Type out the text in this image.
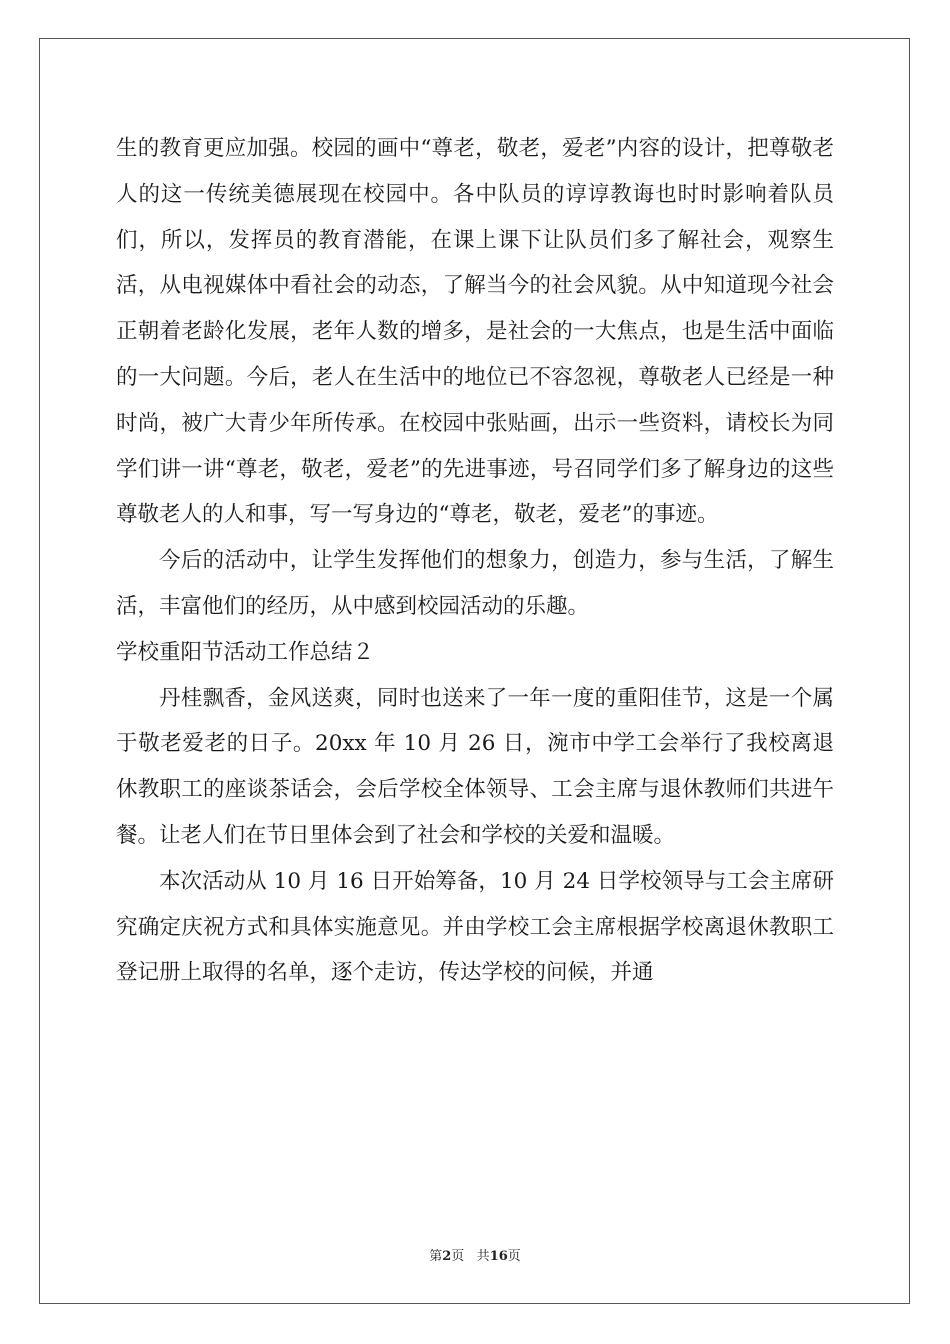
生的教育更应加强。校园的画中“尊老，敬老，爱老”内容的设计，把尊敬老人的这一传统美德展现在校园中。各中队员的谆谆教诲也时时影响着队员们，所以，发挥员的教育潜能，在课上课下让队员们多了解社会，观察生活，从电视媒体中看社会的动态，了解当今的社会风貌。从中知道现今社会正朝着老龄化发展，老年人数的增多，是社会的一大焦点，也是生活中面临的一大问题。今后，老人在生活中的地位已不容忽视，尊敬老人已经是一种时尚，被广大青少年所传承。在校园中张贴画，出示一些资料，请校长为同学们讲一讲“尊老，敬老，爱老”的先进事迹，号召同学们多了解身边的这些尊敬老人的人和事，写一写身边的“尊老，敬老，爱老”的事迹。

今后的活动中，让学生发挥他们的想象力，创造力，参与生活，了解生活，丰富他们的经历，从中感到校园活动的乐趣。

学校重阳节活动工作总结２

丹桂飘香，金风送爽，同时也送来了一年一度的重阳佳节，这是一个属于敬老爱老的日子。20xx 年 10 月 26 日，涴市中学工会举行了我校离退休教职工的座谈茶话会，会后学校全体领导、工会主席与退休教师们共进午餐。让老人们在节日里体会到了社会和学校的关爱和温暖。

本次活动从 10 月 16 日开始筹备，10 月 24 日学校领导与工会主席研究确定庆祝方式和具体实施意见。并由学校工会主席根据学校离退休教职工登记册上取得的名单，逐个走访，传达学校的问候，并通

第2页 共16页
